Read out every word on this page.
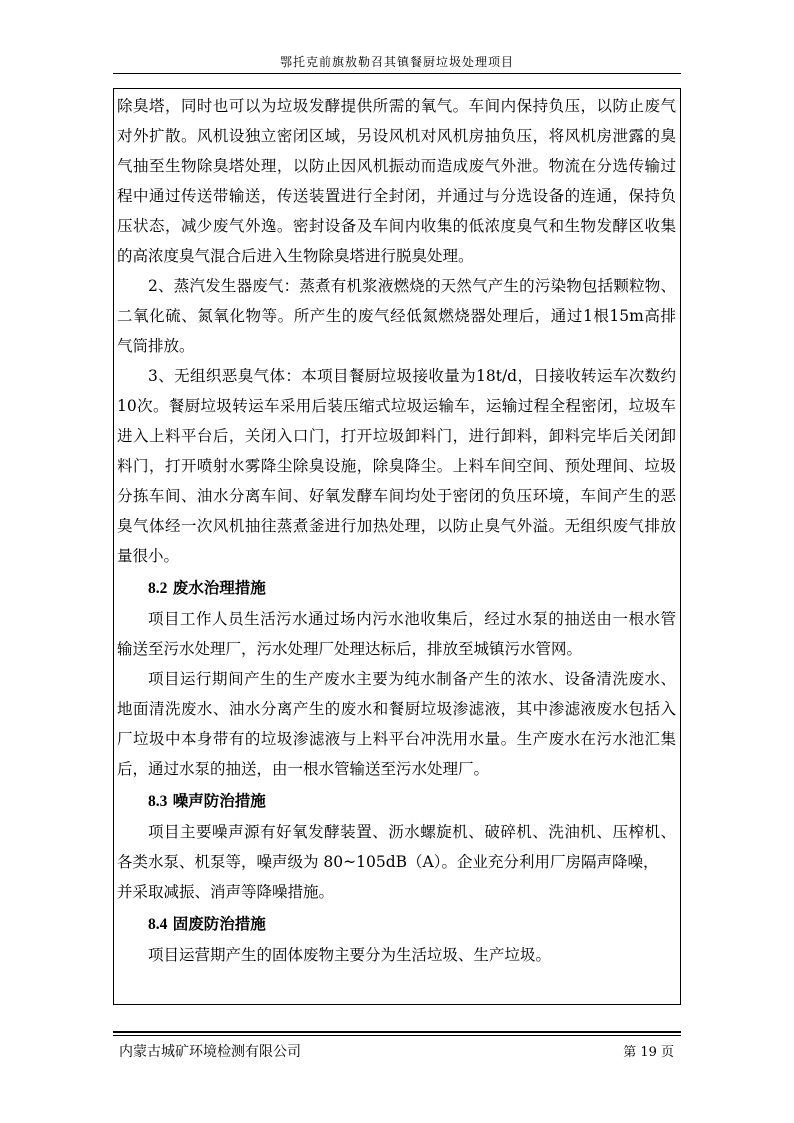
鄂托克前旗敖勒召其镇餐厨垃圾处理项目

除臭塔，同时也可以为垃圾发酵提供所需的氧气。车间内保持负压，以防止废气

对外扩散。风机设独立密闭区域，另设风机对风机房抽负压，将风机房泄露的臭

气抽至生物除臭塔处理，以防止因风机振动而造成废气外泄。物流在分选传输过

程中通过传送带输送，传送装置进行全封闭，并通过与分选设备的连通，保持负

压状态，减少废气外逸。密封设备及车间内收集的低浓度臭气和生物发酵区收集

的高浓度臭气混合后进入生物除臭塔进行脱臭处理。

2、蒸汽发生器废气：蒸煮有机浆液燃烧的天然气产生的污染物包括颗粒物、

二氧化硫、氮氧化物等。所产生的废气经低氮燃烧器处理后，通过1根15m高排

气筒排放。

3、无组织恶臭气体：本项目餐厨垃圾接收量为18t/d，日接收转运车次数约

10次。餐厨垃圾转运车采用后装压缩式垃圾运输车，运输过程全程密闭，垃圾车

进入上料平台后，关闭入口门，打开垃圾卸料门，进行卸料，卸料完毕后关闭卸

料门，打开喷射水雾降尘除臭设施，除臭降尘。上料车间空间、预处理间、垃圾

分拣车间、油水分离车间、好氧发酵车间均处于密闭的负压环境，车间产生的恶

臭气体经一次风机抽往蒸煮釜进行加热处理，以防止臭气外溢。无组织废气排放

量很小。

8.2 废水治理措施

项目工作人员生活污水通过场内污水池收集后，经过水泵的抽送由一根水管

输送至污水处理厂，污水处理厂处理达标后，排放至城镇污水管网。

项目运行期间产生的生产废水主要为纯水制备产生的浓水、设备清洗废水、

地面清洗废水、油水分离产生的废水和餐厨垃圾渗滤液，其中渗滤液废水包括入

厂垃圾中本身带有的垃圾渗滤液与上料平台冲洗用水量。生产废水在污水池汇集

后，通过水泵的抽送，由一根水管输送至污水处理厂。

8.3 噪声防治措施

项目主要噪声源有好氧发酵装置、沥水螺旋机、破碎机、洗油机、压榨机、

各类水泵、机泵等，噪声级为 80~105dB（A）。企业充分利用厂房隔声降噪，

并采取减振、消声等降噪措施。

8.4 固废防治措施

项目运营期产生的固体废物主要分为生活垃圾、生产垃圾。

内蒙古城矿环境检测有限公司	第 19 页
